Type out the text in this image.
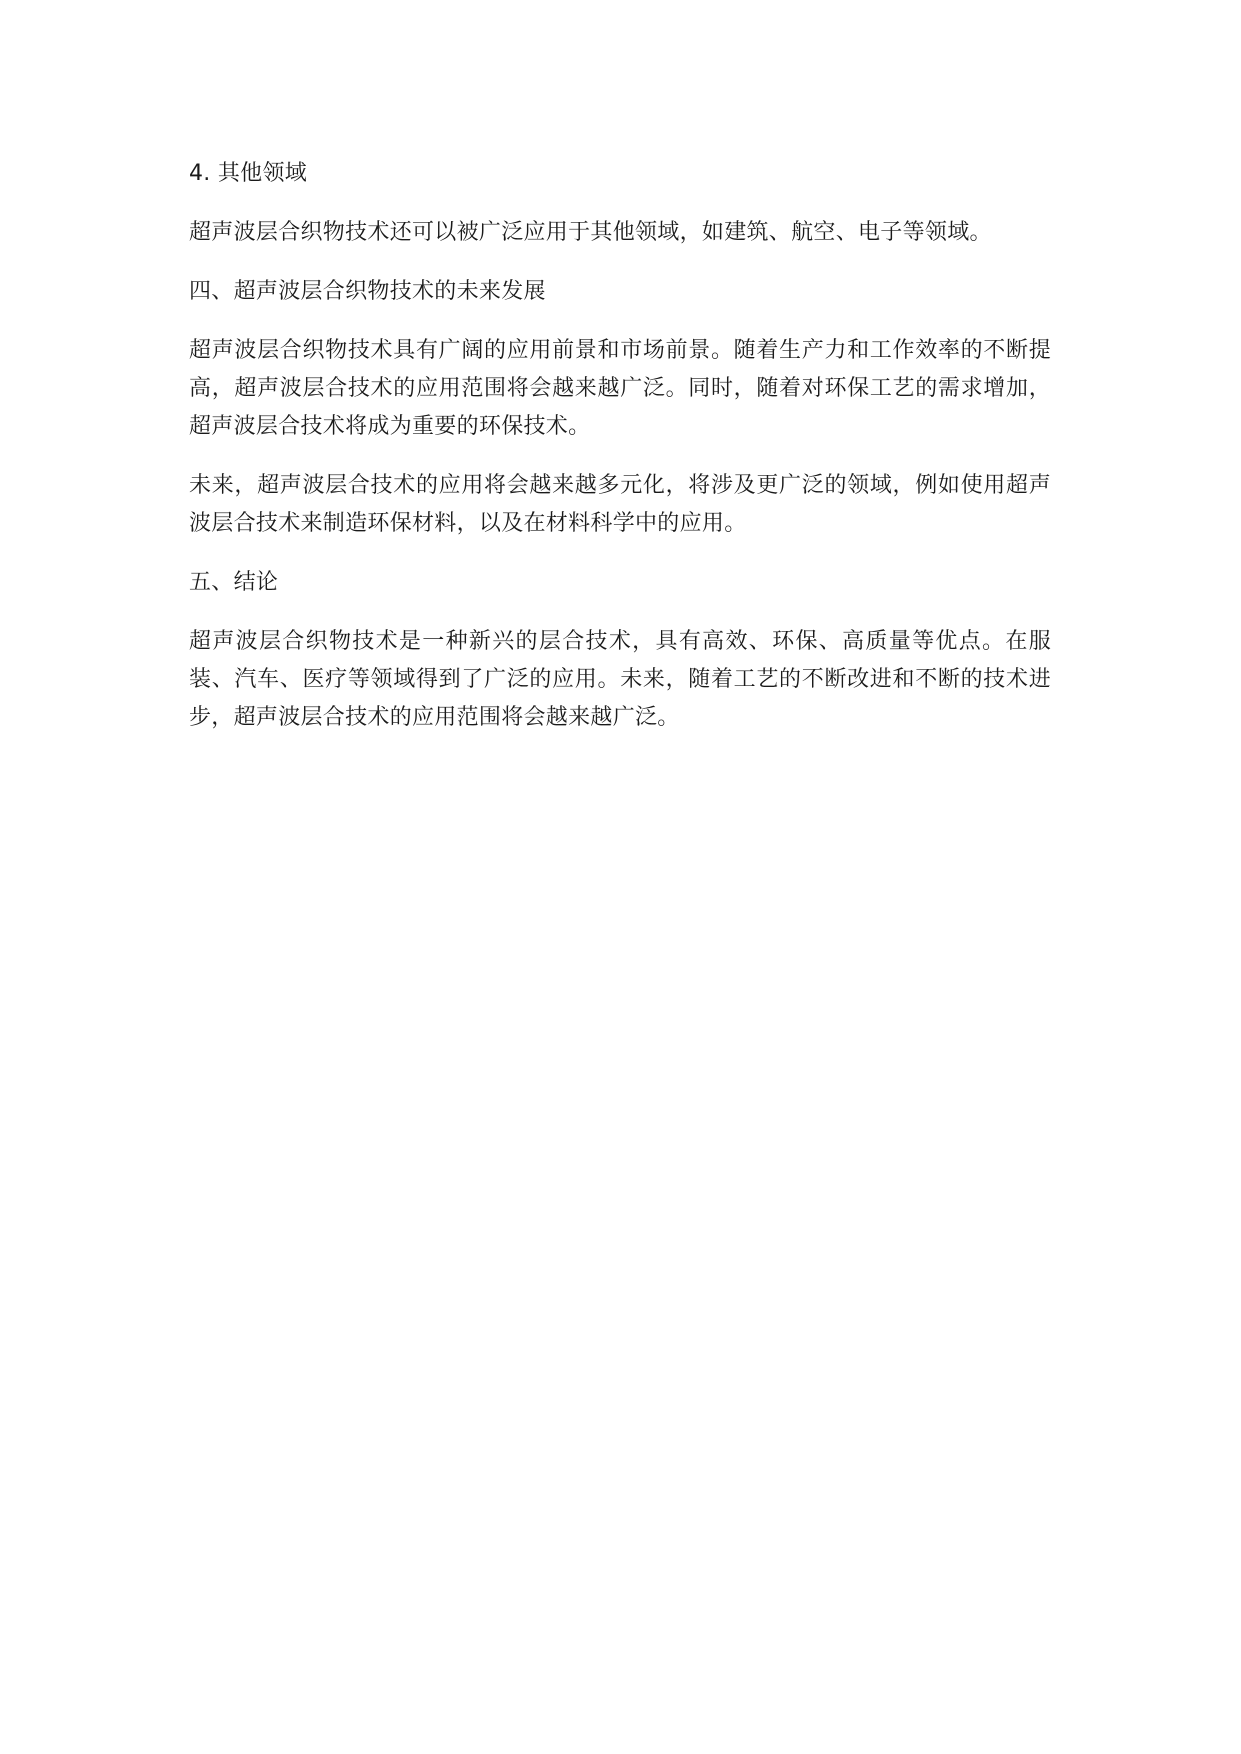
4. 其他领域

超声波层合织物技术还可以被广泛应用于其他领域，如建筑、航空、电子等领域。

四、超声波层合织物技术的未来发展

超声波层合织物技术具有广阔的应用前景和市场前景。随着生产力和工作效率的不断提高，超声波层合技术的应用范围将会越来越广泛。同时，随着对环保工艺的需求增加，超声波层合技术将成为重要的环保技术。

未来，超声波层合技术的应用将会越来越多元化，将涉及更广泛的领域，例如使用超声波层合技术来制造环保材料，以及在材料科学中的应用。

五、结论

超声波层合织物技术是一种新兴的层合技术，具有高效、环保、高质量等优点。在服装、汽车、医疗等领域得到了广泛的应用。未来，随着工艺的不断改进和不断的技术进步，超声波层合技术的应用范围将会越来越广泛。
